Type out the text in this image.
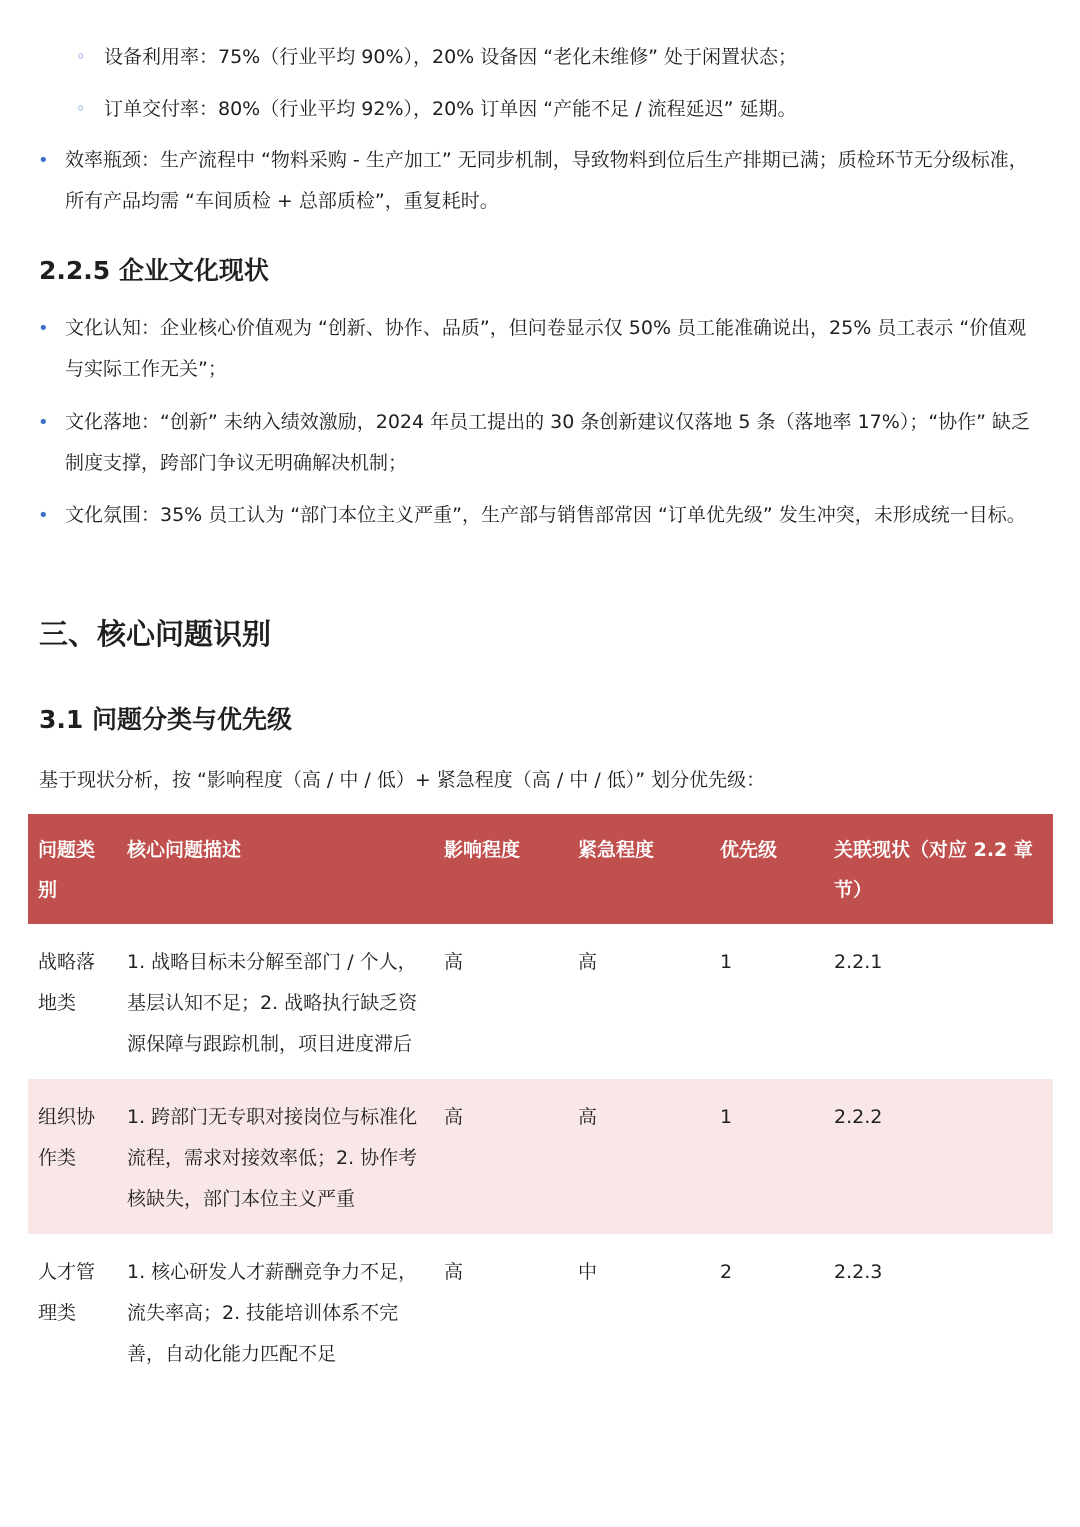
◦ 设备利用率：75%（行业平均 90%），20% 设备因 “老化未维修” 处于闲置状态；
◦ 订单交付率：80%（行业平均 92%），20% 订单因 “产能不足 / 流程延迟” 延期。
• 效率瓶颈：生产流程中 “物料采购 - 生产加工” 无同步机制，导致物料到位后生产排期已满；质检环节无分级标准，所有产品均需 “车间质检 + 总部质检”，重复耗时。
2.2.5 企业文化现状
• 文化认知：企业核心价值观为 “创新、协作、品质”，但问卷显示仅 50% 员工能准确说出，25% 员工表示 “价值观与实际工作无关”；
• 文化落地：“创新” 未纳入绩效激励，2024 年员工提出的 30 条创新建议仅落地 5 条（落地率 17%）；“协作” 缺乏制度支撑，跨部门争议无明确解决机制；
• 文化氛围：35% 员工认为 “部门本位主义严重”，生产部与销售部常因 “订单优先级” 发生冲突，未形成统一目标。
三、核心问题识别
3.1 问题分类与优先级

基于现状分析，按 “影响程度（高 / 中 / 低）+ 紧急程度（高 / 中 / 低）” 划分优先级：

问题类别	核心问题描述	影响程度	紧急程度	优先级	关联现状（对应 2.2 章节）
战略落地类	1. 战略目标未分解至部门 / 个人，基层认知不足；2. 战略执行缺乏资源保障与跟踪机制，项目进度滞后	高	高	1	2.2.1
组织协作类	1. 跨部门无专职对接岗位与标准化流程，需求对接效率低；2. 协作考核缺失，部门本位主义严重	高	高	1	2.2.2
人才管理类	1. 核心研发人才薪酬竞争力不足，流失率高；2. 技能培训体系不完善，自动化能力匹配不足	高	中	2	2.2.3
